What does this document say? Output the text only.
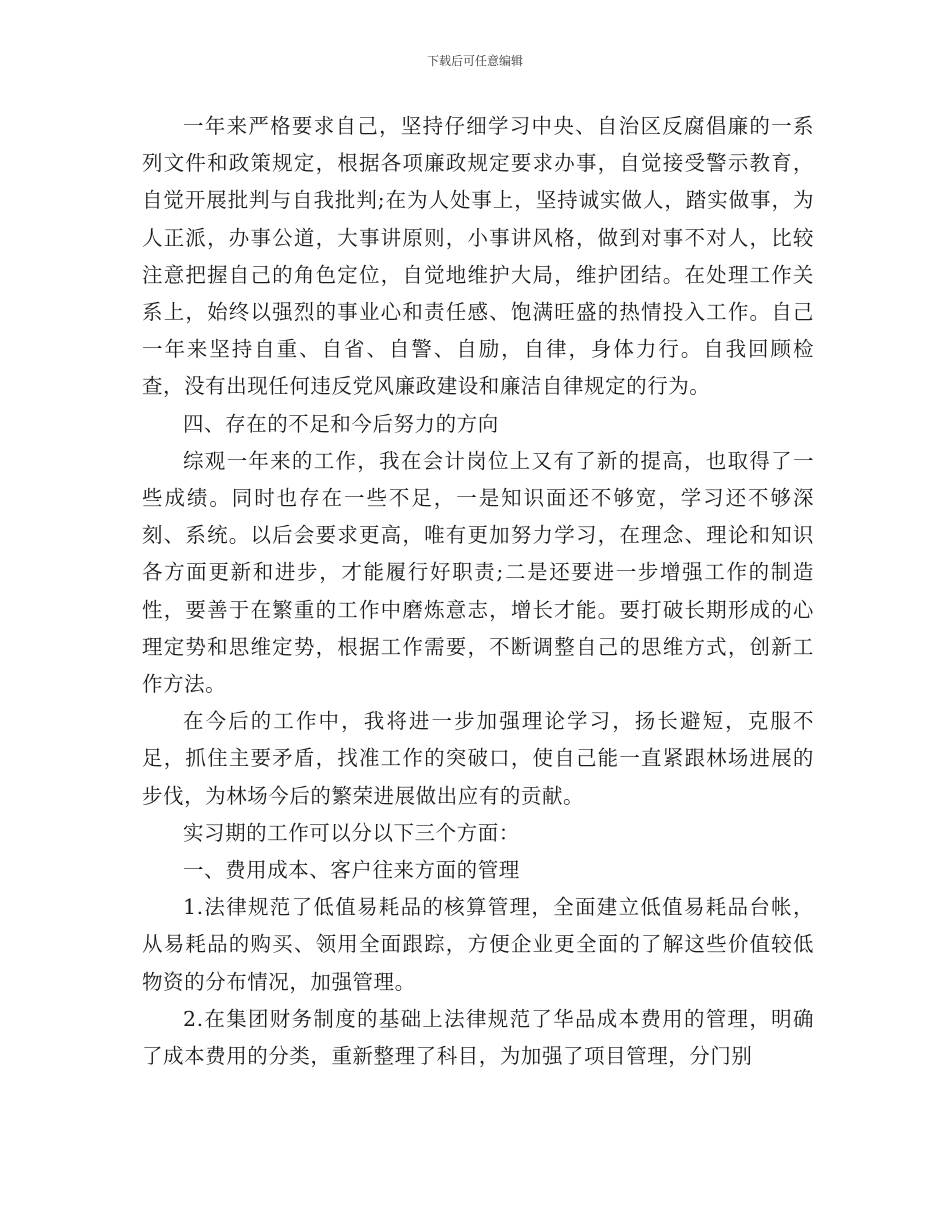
下载后可任意编辑

一年来严格要求自己，坚持仔细学习中央、自治区反腐倡廉的一系列文件和政策规定，根据各项廉政规定要求办事，自觉接受警示教育，自觉开展批判与自我批判;在为人处事上，坚持诚实做人，踏实做事，为人正派，办事公道，大事讲原则，小事讲风格，做到对事不对人，比较注意把握自己的角色定位，自觉地维护大局，维护团结。在处理工作关系上，始终以强烈的事业心和责任感、饱满旺盛的热情投入工作。自己一年来坚持自重、自省、自警、自励，自律，身体力行。自我回顾检查，没有出现任何违反党风廉政建设和廉洁自律规定的行为。

四、存在的不足和今后努力的方向

综观一年来的工作，我在会计岗位上又有了新的提高，也取得了一些成绩。同时也存在一些不足，一是知识面还不够宽，学习还不够深刻、系统。以后会要求更高，唯有更加努力学习，在理念、理论和知识各方面更新和进步，才能履行好职责;二是还要进一步增强工作的制造性，要善于在繁重的工作中磨炼意志，增长才能。要打破长期形成的心理定势和思维定势，根据工作需要，不断调整自己的思维方式，创新工作方法。

在今后的工作中，我将进一步加强理论学习，扬长避短，克服不足，抓住主要矛盾，找准工作的突破口，使自己能一直紧跟林场进展的步伐，为林场今后的繁荣进展做出应有的贡献。

实习期的工作可以分以下三个方面：

一、费用成本、客户往来方面的管理

1.法律规范了低值易耗品的核算管理，全面建立低值易耗品台帐，从易耗品的购买、领用全面跟踪，方便企业更全面的了解这些价值较低物资的分布情况，加强管理。

2.在集团财务制度的基础上法律规范了华品成本费用的管理，明确了成本费用的分类，重新整理了科目，为加强了项目管理，分门别
